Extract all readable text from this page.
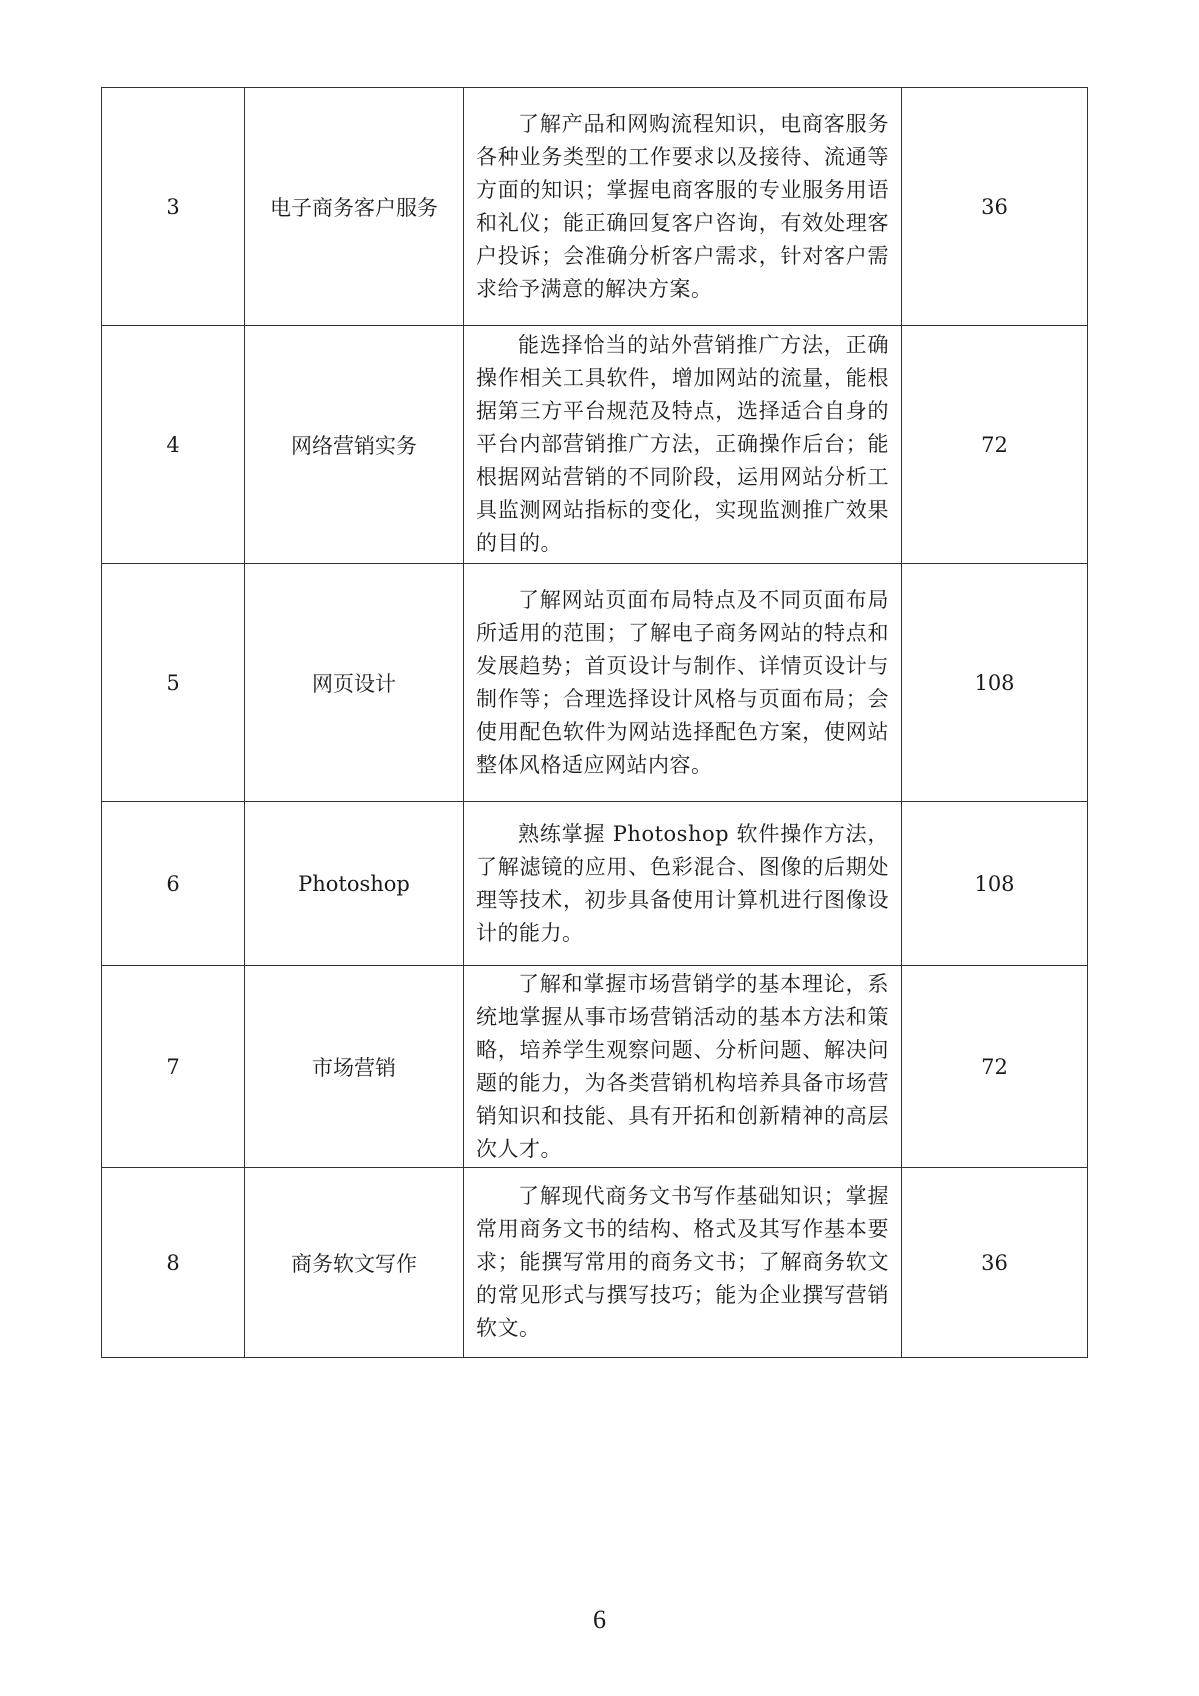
3	电子商务客户服务	了解产品和网购流程知识，电商客服务各种业务类型的工作要求以及接待、流通等方面的知识；掌握电商客服的专业服务用语和礼仪；能正确回复客户咨询，有效处理客户投诉；会准确分析客户需求，针对客户需求给予满意的解决方案。	36
4	网络营销实务	能选择恰当的站外营销推广方法，正确操作相关工具软件，增加网站的流量，能根据第三方平台规范及特点，选择适合自身的平台内部营销推广方法，正确操作后台；能根据网站营销的不同阶段，运用网站分析工具监测网站指标的变化，实现监测推广效果的目的。	72
5	网页设计	了解网站页面布局特点及不同页面布局所适用的范围；了解电子商务网站的特点和发展趋势；首页设计与制作、详情页设计与制作等；合理选择设计风格与页面布局；会使用配色软件为网站选择配色方案，使网站整体风格适应网站内容。	108
6	Photoshop	熟练掌握 Photoshop 软件操作方法，了解滤镜的应用、色彩混合、图像的后期处理等技术，初步具备使用计算机进行图像设计的能力。	108
7	市场营销	了解和掌握市场营销学的基本理论，系统地掌握从事市场营销活动的基本方法和策略，培养学生观察问题、分析问题、解决问题的能力，为各类营销机构培养具备市场营销知识和技能、具有开拓和创新精神的高层次人才。	72
8	商务软文写作	了解现代商务文书写作基础知识；掌握常用商务文书的结构、格式及其写作基本要求；能撰写常用的商务文书；了解商务软文的常见形式与撰写技巧；能为企业撰写营销软文。	36
6
